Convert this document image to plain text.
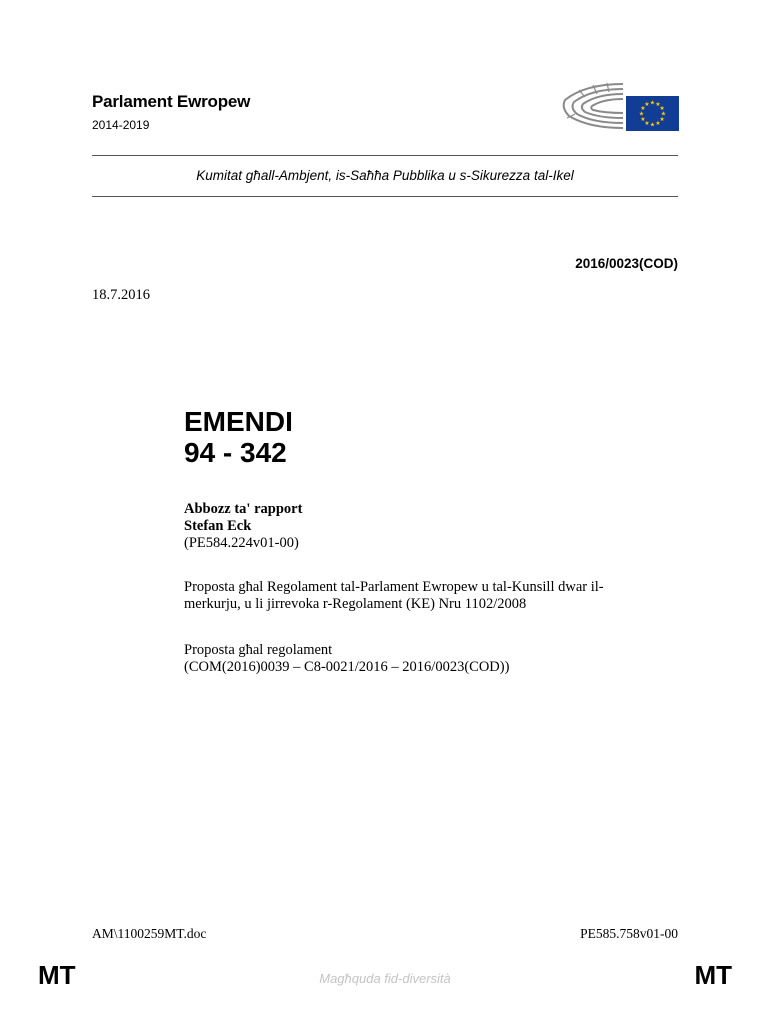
Parlament Ewropew
2014-2019
★ ★
★
★
★
★
★
★
★
★
★
★
Kumitat għall-Ambjent, is-Saħħa Pubblika u s-Sikurezza tal-Ikel
2016/0023(COD)
18.7.2016
EMENDI
94 - 342
Abbozz ta' rapport
Stefan Eck
(PE584.224v01-00)
Proposta għal Regolament tal-Parlament Ewropew u tal-Kunsill dwar il-
merkurju, u li jirrevoka r-Regolament (KE) Nru 1102/2008
Proposta għal regolament
(COM(2016)0039 – C8-0021/2016 – 2016/0023(COD))
AM\1100259MT.doc	PE585.758v01-00
MT	Magħquda fid-diversità	MT
